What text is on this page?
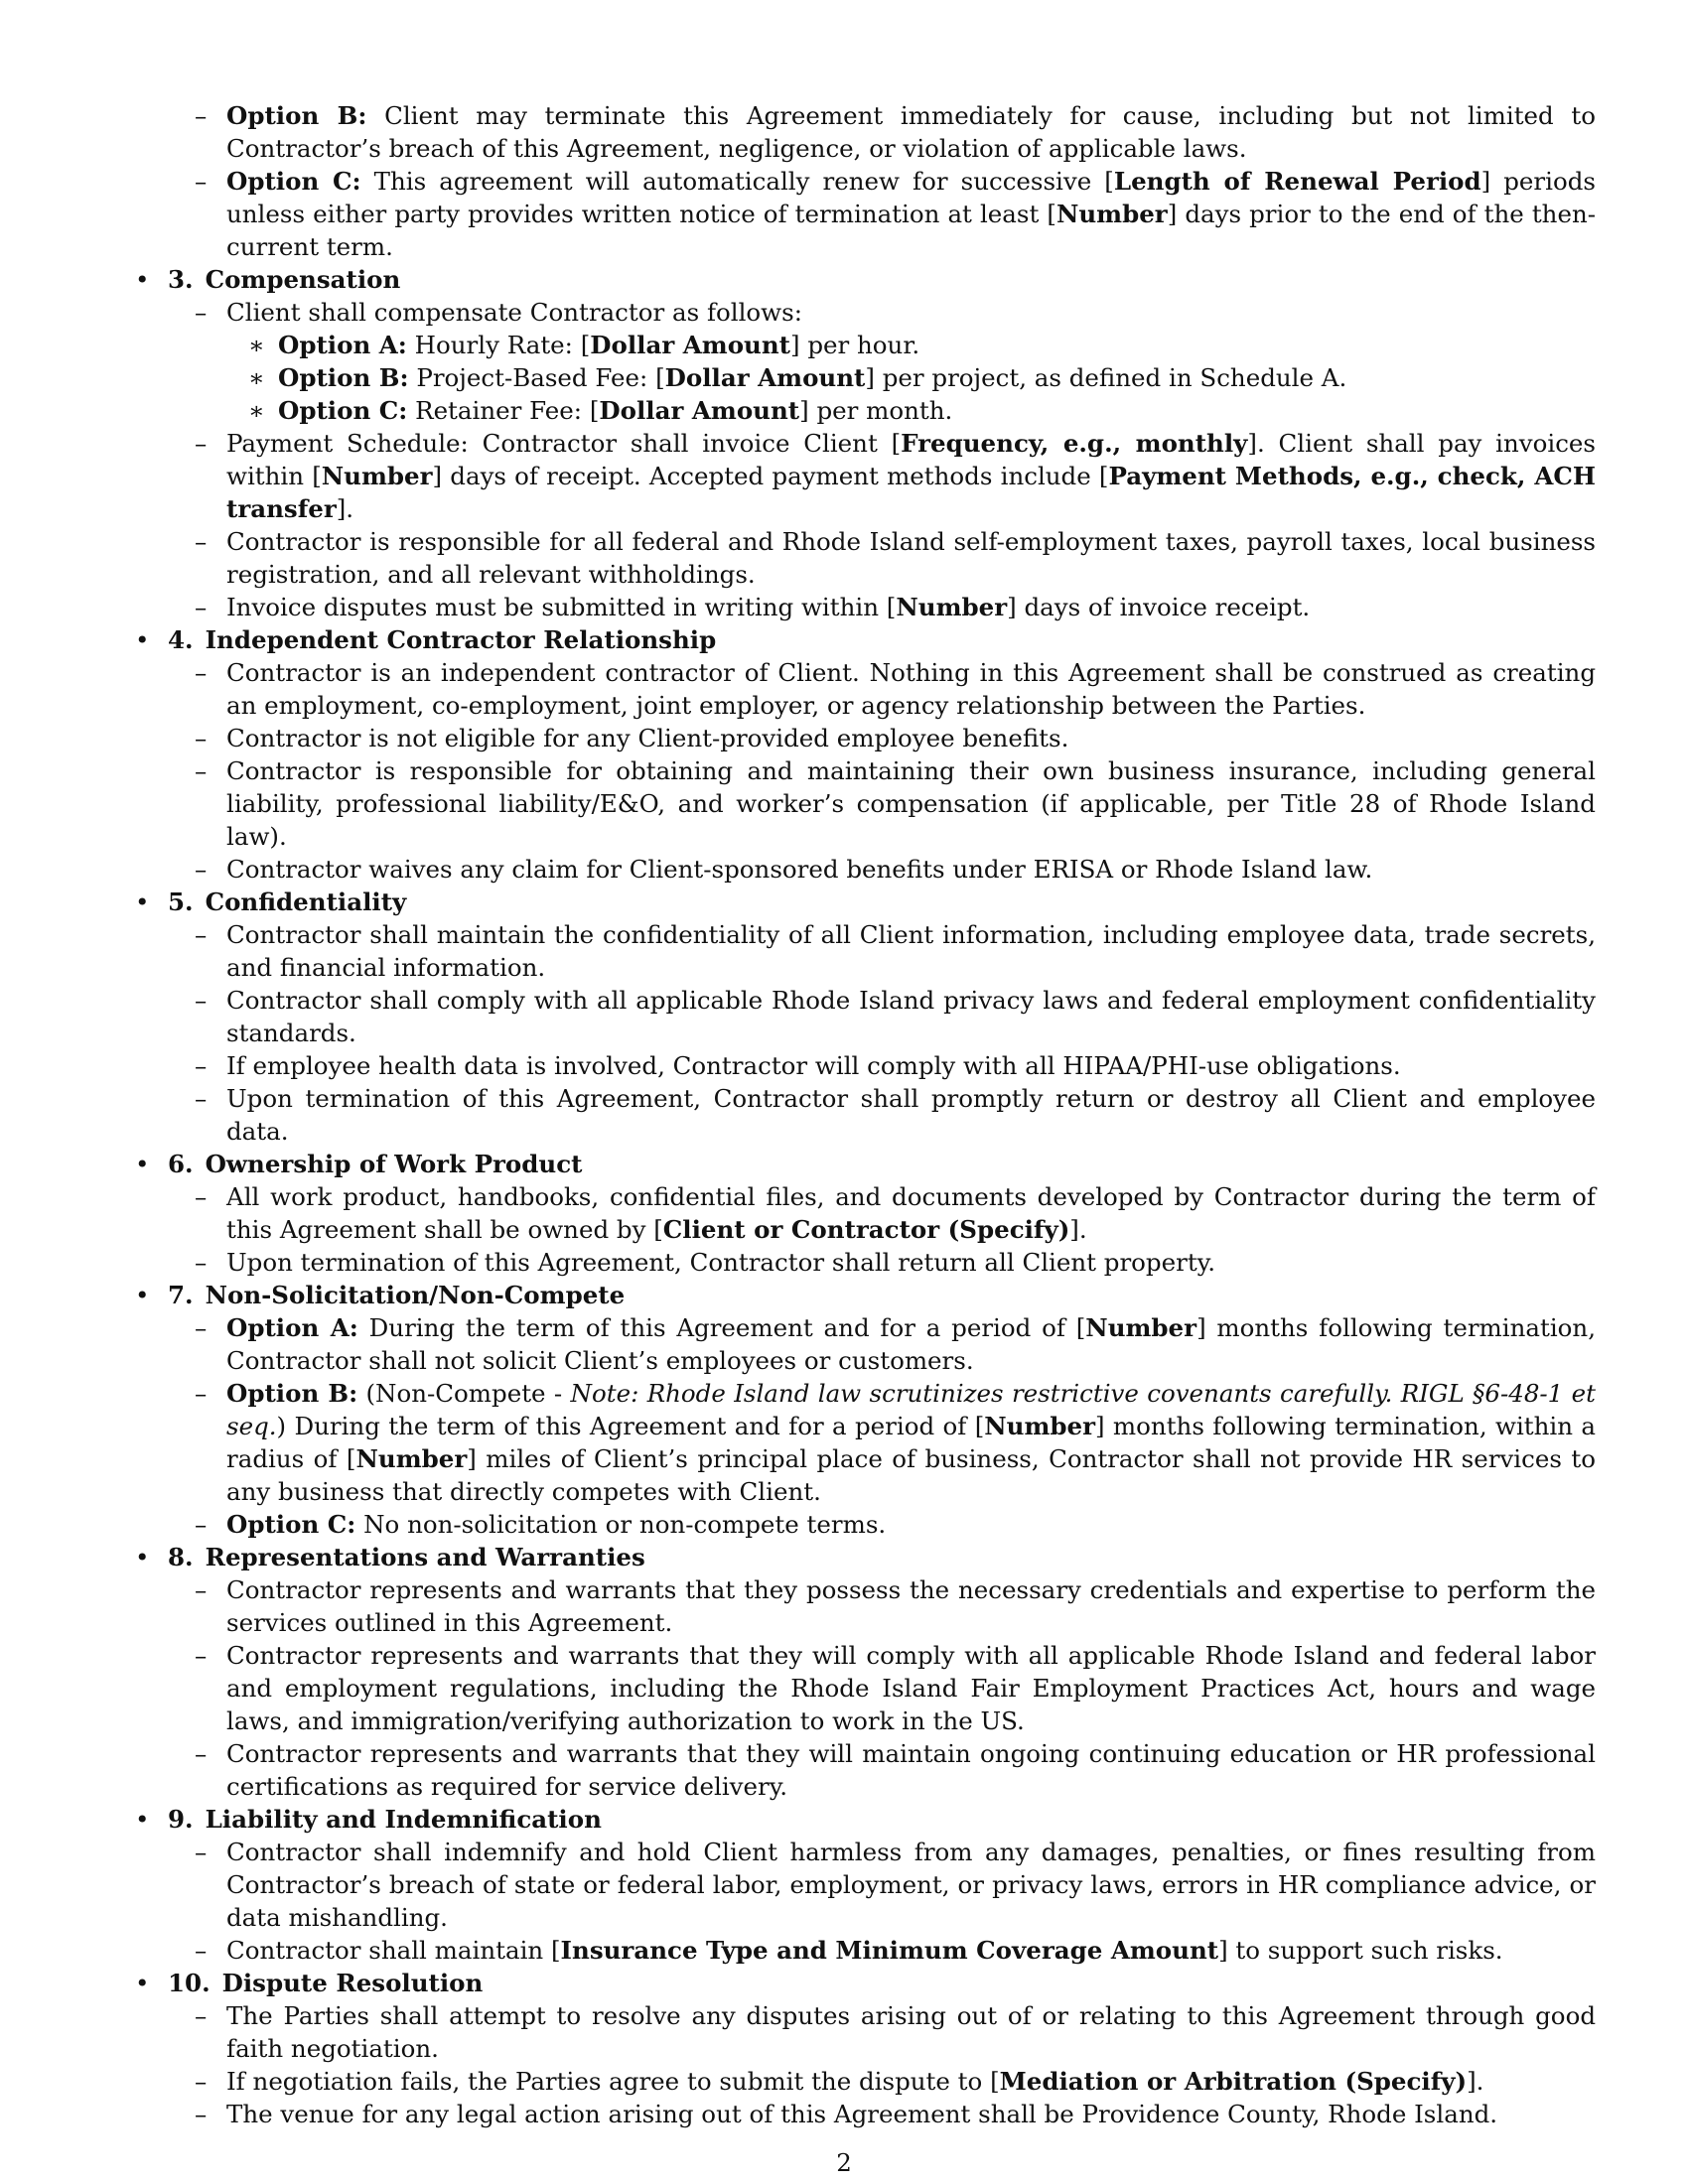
– Option B: Client may terminate this Agreement immediately for cause, including but not limited to Contractor’s breach of this Agreement, negligence, or violation of applicable laws.
– Option C: This agreement will automatically renew for successive [Length of Renewal Period] periods unless either party provides written notice of termination at least [Number] days prior to the end of the then-current term.
• 3. Compensation
– Client shall compensate Contractor as follows:
∗ Option A: Hourly Rate: [Dollar Amount] per hour.
∗ Option B: Project-Based Fee: [Dollar Amount] per project, as defined in Schedule A.
∗ Option C: Retainer Fee: [Dollar Amount] per month.
– Payment Schedule: Contractor shall invoice Client [Frequency, e.g., monthly]. Client shall pay invoices within [Number] days of receipt. Accepted payment methods include [Payment Methods, e.g., check, ACH transfer].
– Contractor is responsible for all federal and Rhode Island self-employment taxes, payroll taxes, local business registration, and all relevant withholdings.
– Invoice disputes must be submitted in writing within [Number] days of invoice receipt.
• 4. Independent Contractor Relationship
– Contractor is an independent contractor of Client. Nothing in this Agreement shall be construed as creating an employment, co-employment, joint employer, or agency relationship between the Parties.
– Contractor is not eligible for any Client-provided employee benefits.
– Contractor is responsible for obtaining and maintaining their own business insurance, including general liability, professional liability/E&O, and worker’s compensation (if applicable, per Title 28 of Rhode Island law).
– Contractor waives any claim for Client-sponsored benefits under ERISA or Rhode Island law.
• 5. Confidentiality
– Contractor shall maintain the confidentiality of all Client information, including employee data, trade secrets, and financial information.
– Contractor shall comply with all applicable Rhode Island privacy laws and federal employment confidentiality standards.
– If employee health data is involved, Contractor will comply with all HIPAA/PHI-use obligations.
– Upon termination of this Agreement, Contractor shall promptly return or destroy all Client and employee data.
• 6. Ownership of Work Product
– All work product, handbooks, confidential files, and documents developed by Contractor during the term of this Agreement shall be owned by [Client or Contractor (Specify)].
– Upon termination of this Agreement, Contractor shall return all Client property.
• 7. Non-Solicitation/Non-Compete
– Option A: During the term of this Agreement and for a period of [Number] months following termination, Contractor shall not solicit Client’s employees or customers.
– Option B: (Non-Compete - Note: Rhode Island law scrutinizes restrictive covenants carefully. RIGL §6-48-1 et seq.) During the term of this Agreement and for a period of [Number] months following termination, within a radius of [Number] miles of Client’s principal place of business, Contractor shall not provide HR services to any business that directly competes with Client.
– Option C: No non-solicitation or non-compete terms.
• 8. Representations and Warranties
– Contractor represents and warrants that they possess the necessary credentials and expertise to perform the services outlined in this Agreement.
– Contractor represents and warrants that they will comply with all applicable Rhode Island and federal labor and employment regulations, including the Rhode Island Fair Employment Practices Act, hours and wage laws, and immigration/verifying authorization to work in the US.
– Contractor represents and warrants that they will maintain ongoing continuing education or HR professional certifications as required for service delivery.
• 9. Liability and Indemnification
– Contractor shall indemnify and hold Client harmless from any damages, penalties, or fines resulting from Contractor’s breach of state or federal labor, employment, or privacy laws, errors in HR compliance advice, or data mishandling.
– Contractor shall maintain [Insurance Type and Minimum Coverage Amount] to support such risks.
• 10. Dispute Resolution
– The Parties shall attempt to resolve any disputes arising out of or relating to this Agreement through good faith negotiation.
– If negotiation fails, the Parties agree to submit the dispute to [Mediation or Arbitration (Specify)].
– The venue for any legal action arising out of this Agreement shall be Providence County, Rhode Island.
2
